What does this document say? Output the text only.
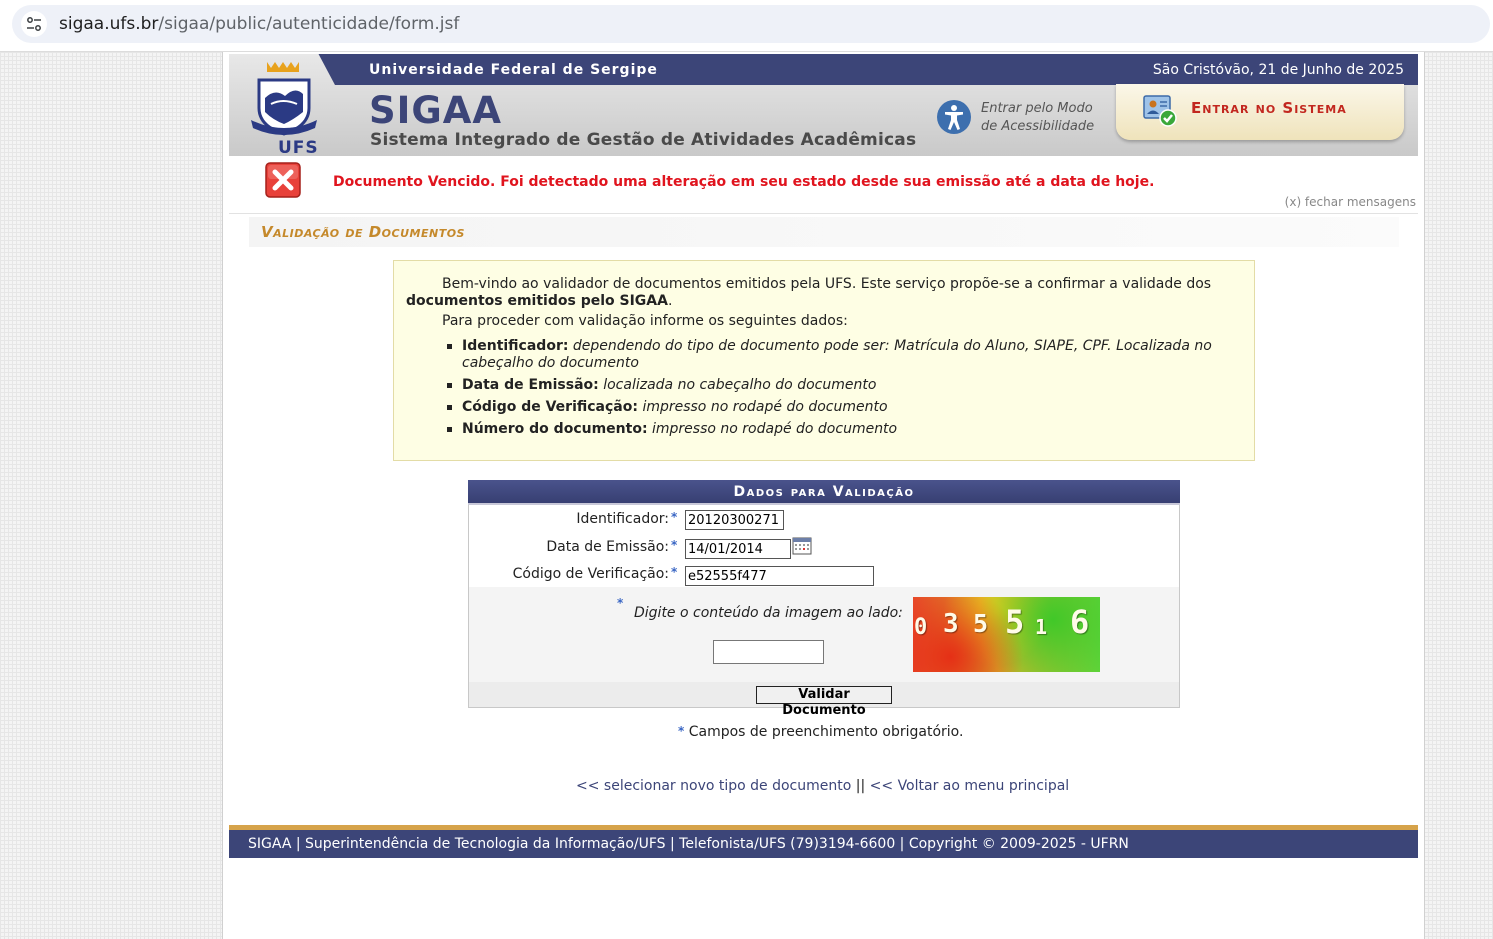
sigaa.ufs.br/sigaa/public/autenticidade/form.jsf
Universidade Federal de Sergipe	São Cristóvão, 21 de Junho de 2025
UFS
SIGAA
Sistema Integrado de Gestão de Atividades Acadêmicas
Entrar pelo Modo
de Acessibilidade
Entrar no Sistema
Documento Vencido. Foi detectado uma alteração em seu estado desde sua emissão até a data de hoje.
(x) fechar mensagens
Validação de Documentos

Bem-vindo ao validador de documentos emitidos pela UFS. Este serviço propõe-se a confirmar a validade dos

documentos emitidos pelo SIGAA.

Para proceder com validação informe os seguintes dados:

Identificador: dependendo do tipo de documento pode ser: Matrícula do Aluno, SIAPE, CPF. Localizada no cabeçalho do documento
Data de Emissão: localizada no cabeçalho do documento
Código de Verificação: impresso no rodapé do documento
Número do documento: impresso no rodapé do documento
Dados para Validação
Identificador: *
20120300271
Data de Emissão: *
14/01/2014
Código de Verificação: *
e52555f477
*
Digite o conteúdo da imagem ao lado:
0 3 5 5 1 6
Validar Documento
* Campos de preenchimento obrigatório.
<< selecionar novo tipo de documento || << Voltar ao menu principal
SIGAA | Superintendência de Tecnologia da Informação/UFS | Telefonista/UFS (79)3194-6600 | Copyright © 2009-2025 - UFRN
